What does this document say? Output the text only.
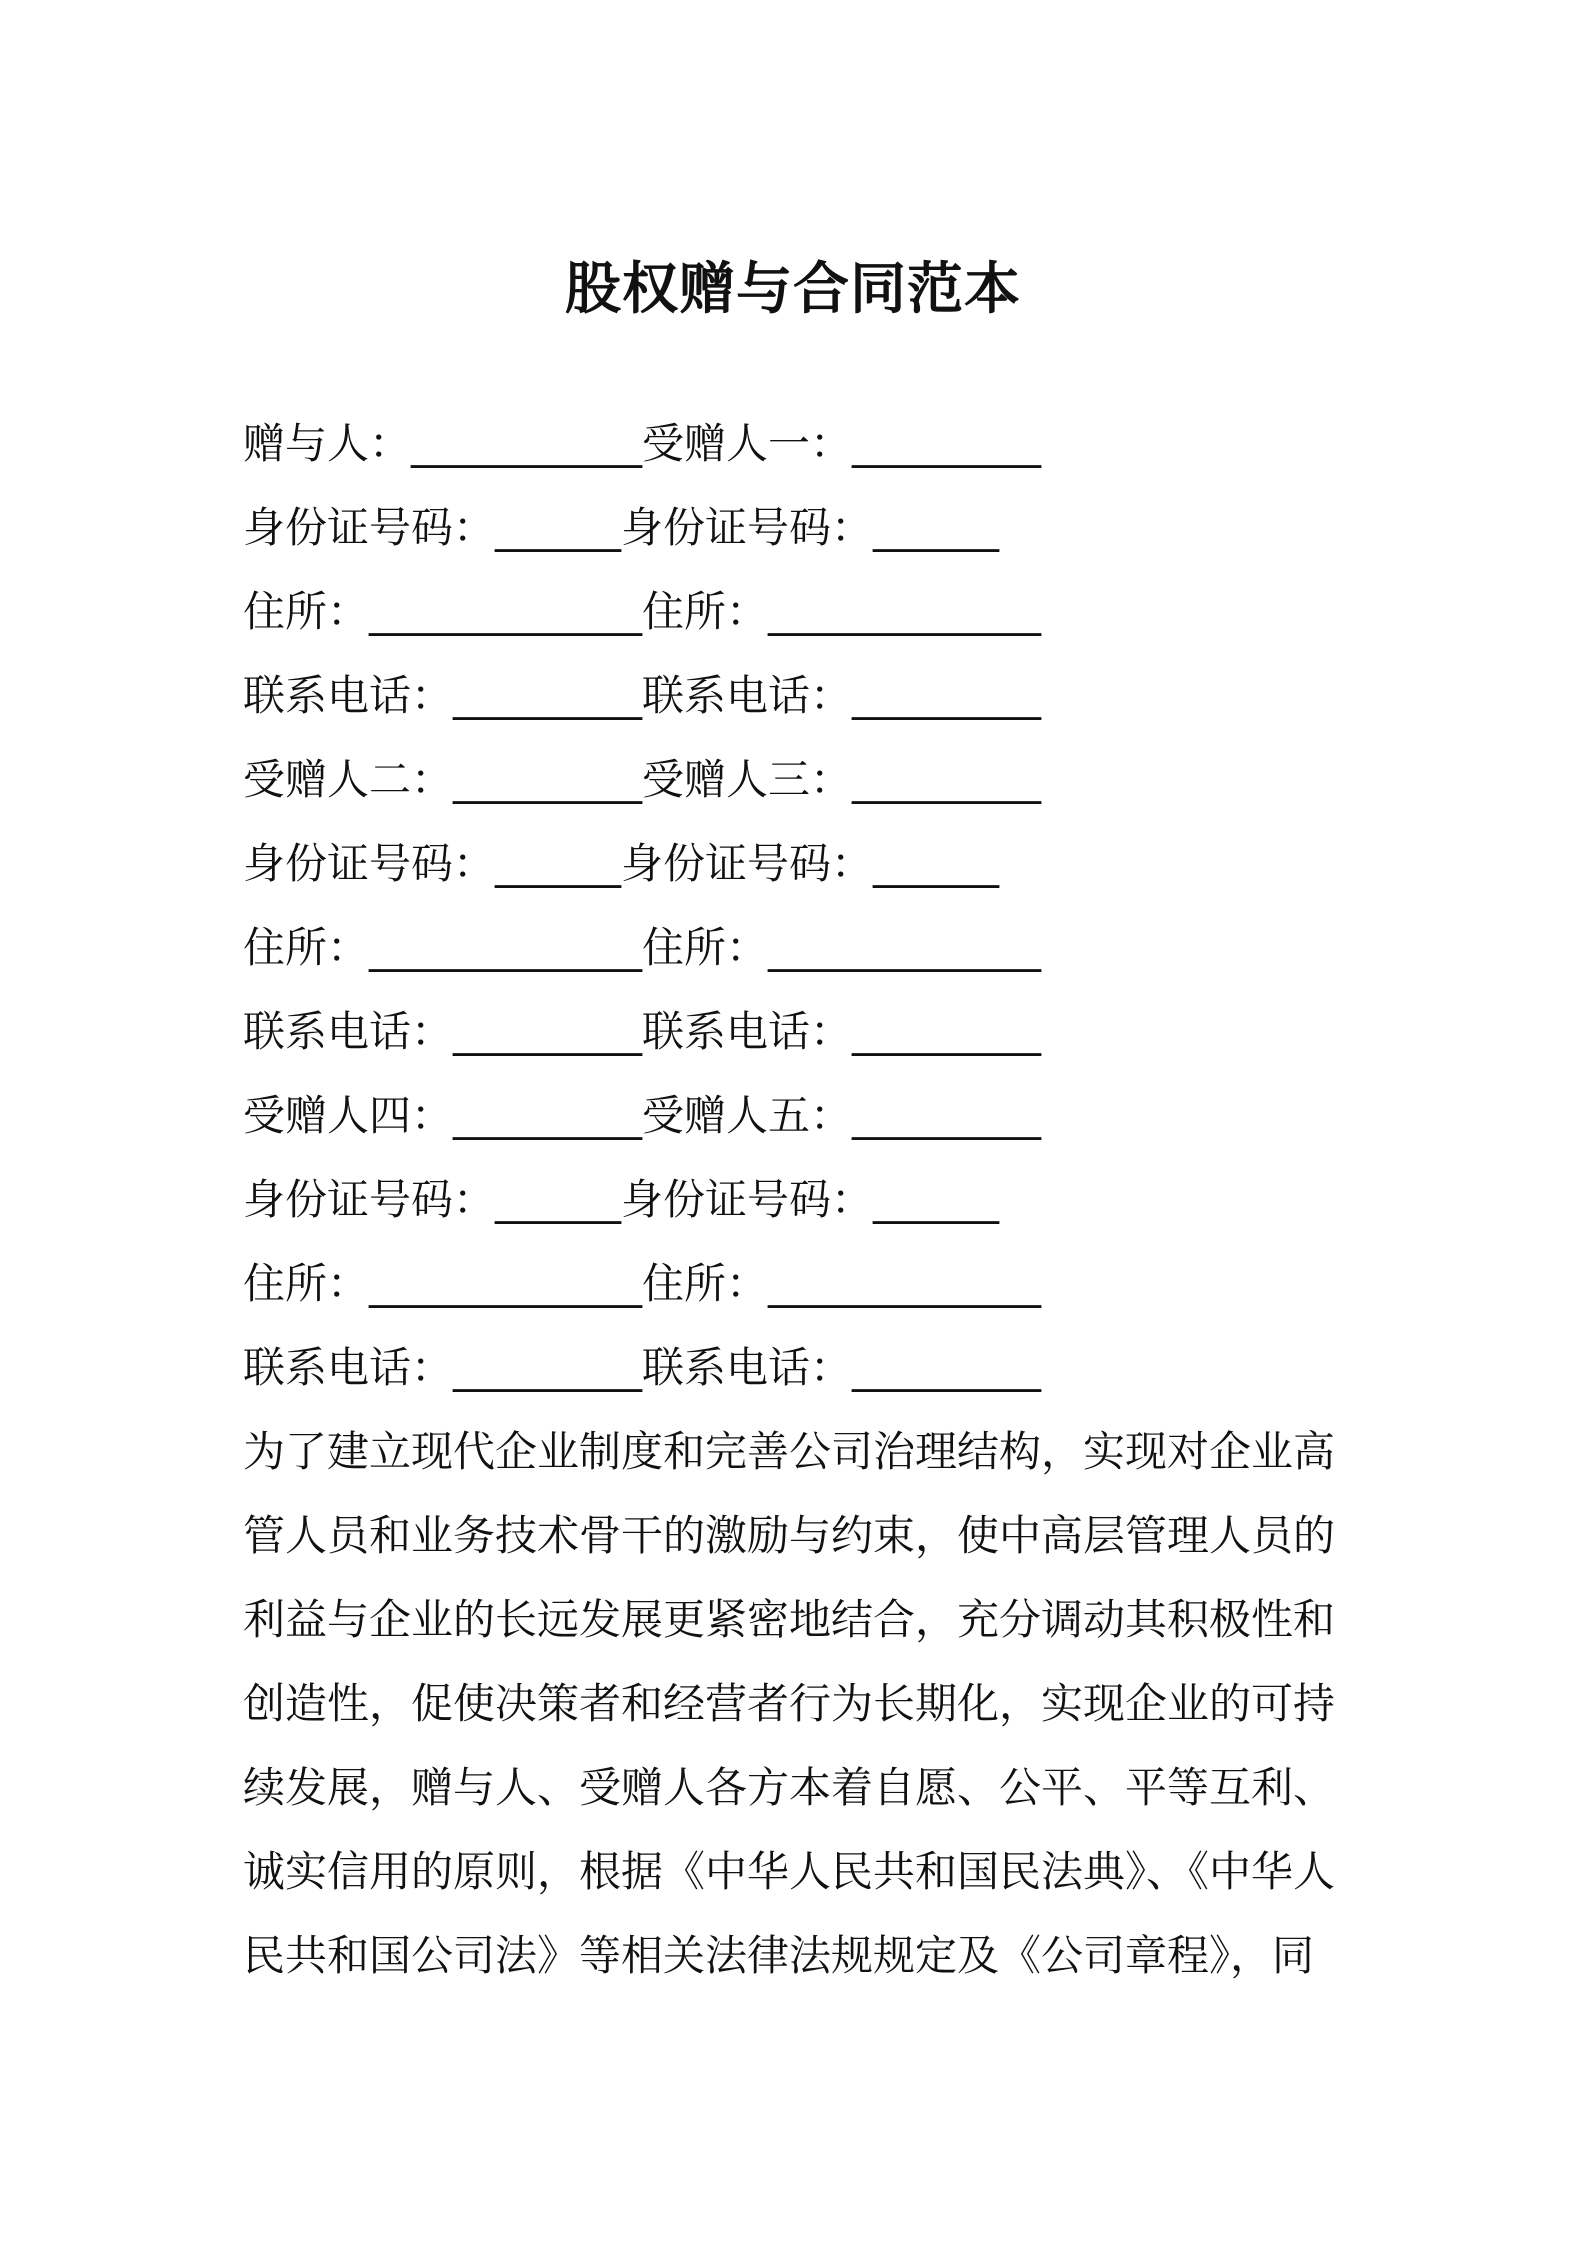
股权赠与合同范本
赠与人：___________受赠人一：_________
身份证号码：______身份证号码：______
住所：_____________住所：_____________
联系电话：_________联系电话：_________
受赠人二：_________受赠人三：_________
身份证号码：______身份证号码：______
住所：_____________住所：_____________
联系电话：_________联系电话：_________
受赠人四：_________受赠人五：_________
身份证号码：______身份证号码：______
住所：_____________住所：_____________
联系电话：_________联系电话：_________
为了建立现代企业制度和完善公司治理结构，实现对企业高
管人员和业务技术骨干的激励与约束，使中高层管理人员的
利益与企业的长远发展更紧密地结合，充分调动其积极性和
创造性，促使决策者和经营者行为长期化，实现企业的可持
续发展，赠与人、受赠人各方本着自愿、公平、平等互利、
诚实信用的原则，根据《中华人民共和国民法典》、《中华人
民共和国公司法》等相关法律法规规定及《公司章程》，同
